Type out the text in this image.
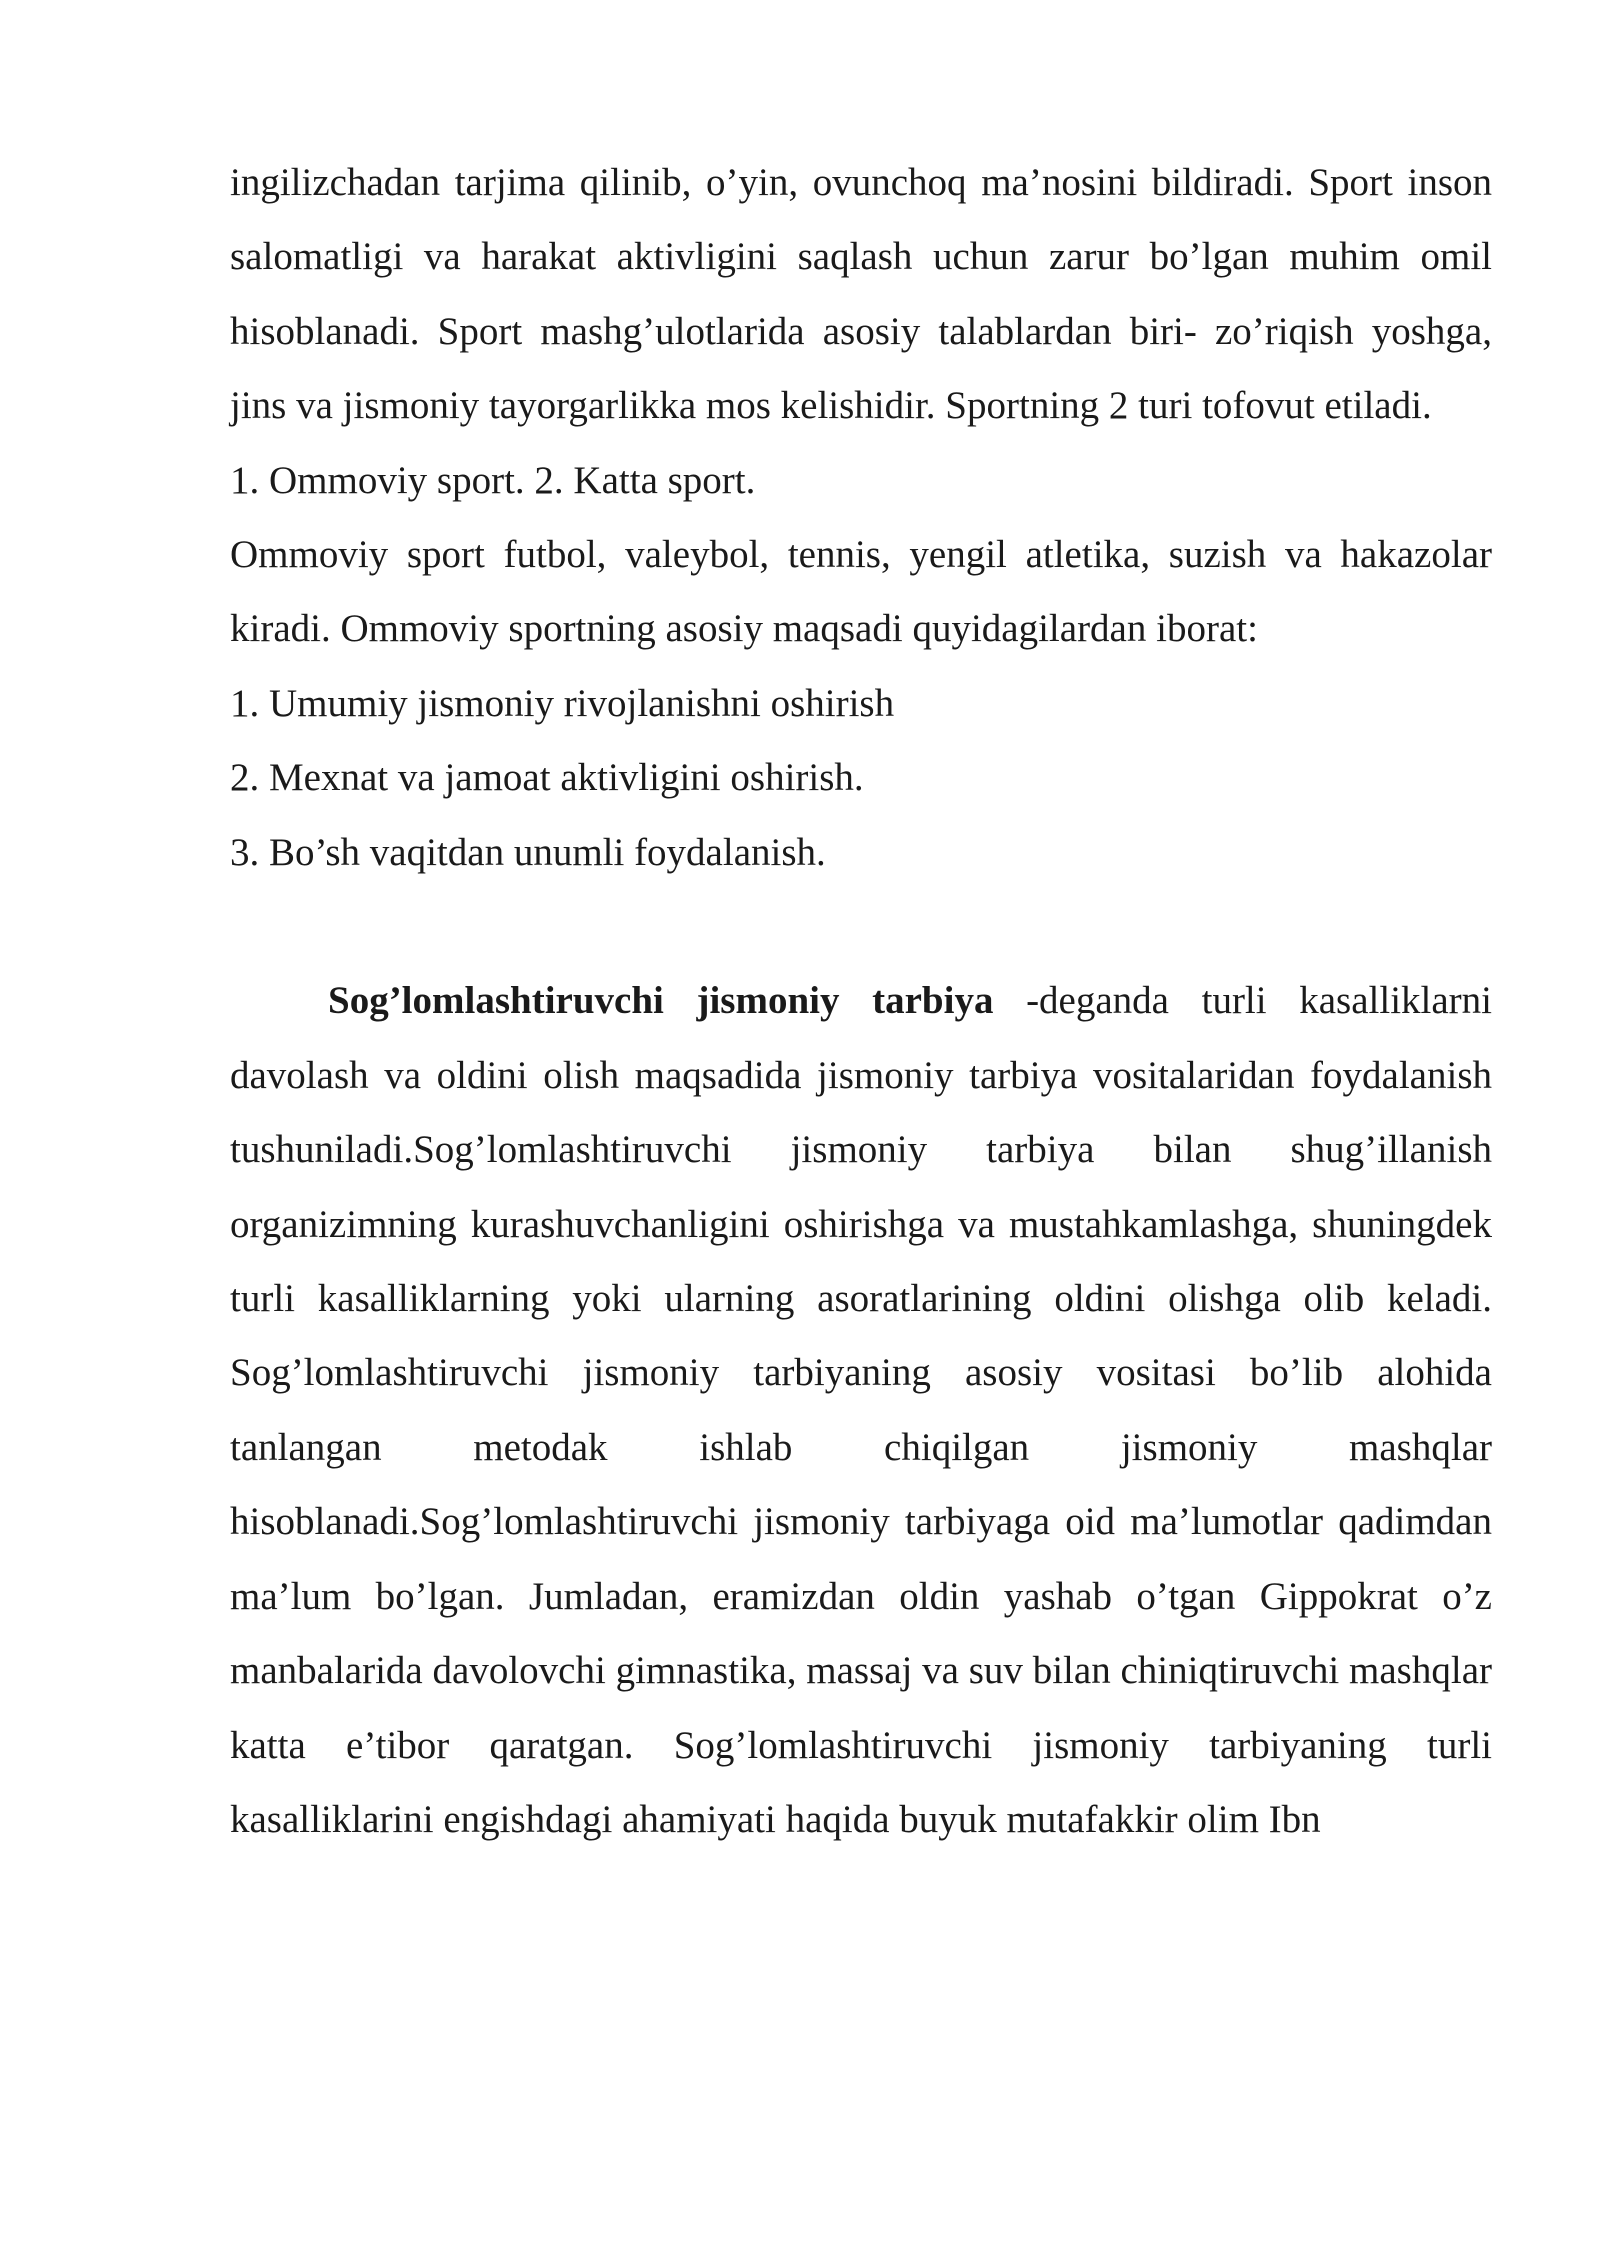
ingilizchadan tarjima qilinib, o’yin, ovunchoq ma’nosini bildiradi. Sport inson salomatligi va harakat aktivligini saqlash uchun zarur bo’lgan muhim omil hisoblanadi. Sport mashg’ulotlarida asosiy talablardan biri- zo’riqish yoshga, jins va jismoniy tayorgarlikka mos kelishidir. Sportning 2 turi tofovut etiladi.

1. Ommoviy sport. 2. Katta sport.

Ommoviy sport futbol, valeybol, tennis, yengil atletika, suzish va hakazolar kiradi. Ommoviy sportning asosiy maqsadi quyidagilardan iborat:

1. Umumiy jismoniy rivojlanishni oshirish

2. Mexnat va jamoat aktivligini oshirish.

3. Bo’sh vaqitdan unumli foydalanish.

Sog’lomlashtiruvchi jismoniy tarbiya -deganda turli kasalliklarni davolash va oldini olish maqsadida jismoniy tarbiya vositalaridan foydalanish tushuniladi.Sog’lomlashtiruvchi jismoniy tarbiya bilan shug’illanish organizimning kurashuvchanligini oshirishga va mustahkamlashga, shuningdek turli kasalliklarning yoki ularning asoratlarining oldini olishga olib keladi. Sog’lomlashtiruvchi jismoniy tarbiyaning asosiy vositasi bo’lib alohida tanlangan metodak ishlab chiqilgan jismoniy mashqlar hisoblanadi.Sog’lomlashtiruvchi jismoniy tarbiyaga oid ma’lumotlar qadimdan ma’lum bo’lgan. Jumladan, eramizdan oldin yashab o’tgan Gippokrat o’z manbalarida davolovchi gimnastika, massaj va suv bilan chiniqtiruvchi mashqlar katta e’tibor qaratgan. Sog’lomlashtiruvchi jismoniy tarbiyaning turli kasalliklarini engishdagi ahamiyati haqida buyuk mutafakkir olim Ibn
